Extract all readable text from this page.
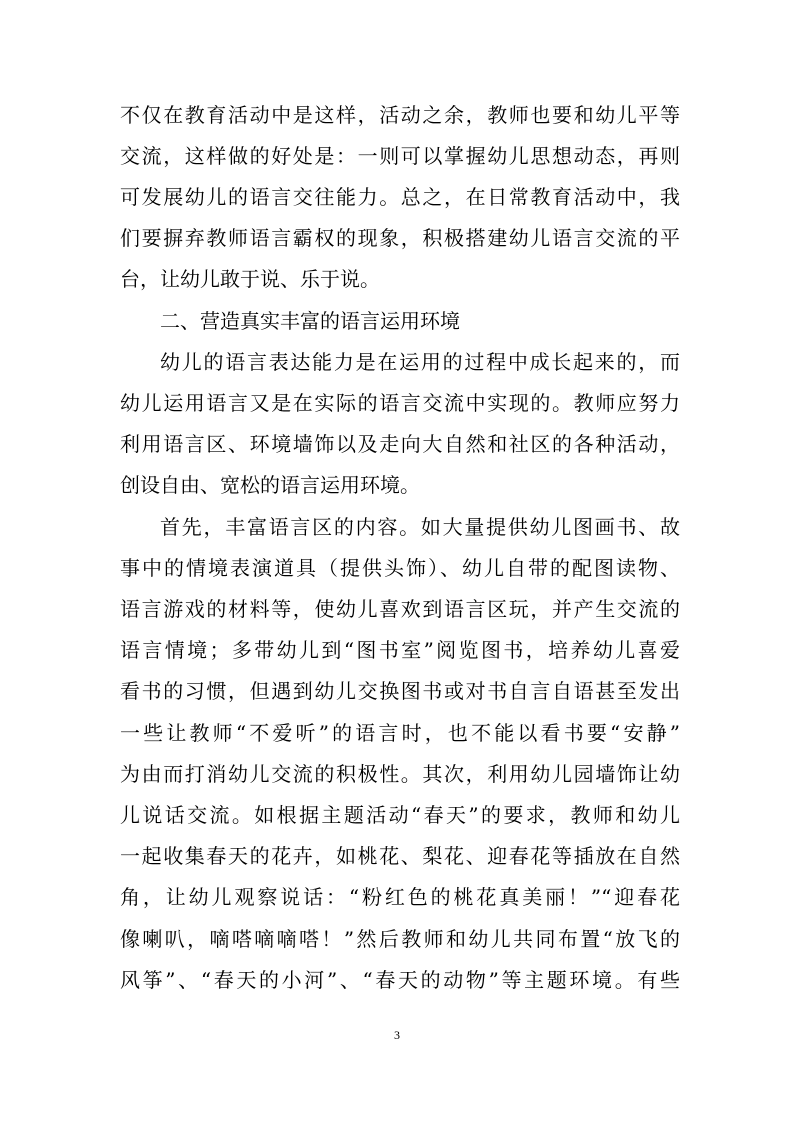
不仅在教育活动中是这样，活动之余，教师也要和幼儿平等
交流，这样做的好处是：一则可以掌握幼儿思想动态，再则
可发展幼儿的语言交往能力。总之，在日常教育活动中，我
们要摒弃教师语言霸权的现象，积极搭建幼儿语言交流的平
台，让幼儿敢于说、乐于说。
二、营造真实丰富的语言运用环境
幼儿的语言表达能力是在运用的过程中成长起来的，而
幼儿运用语言又是在实际的语言交流中实现的。教师应努力
利用语言区、环境墙饰以及走向大自然和社区的各种活动，
创设自由、宽松的语言运用环境。
首先，丰富语言区的内容。如大量提供幼儿图画书、故
事中的情境表演道具（提供头饰）、幼儿自带的配图读物、
语言游戏的材料等，使幼儿喜欢到语言区玩，并产生交流的
语言情境；多带幼儿到“图书室”阅览图书，培养幼儿喜爱
看书的习惯，但遇到幼儿交换图书或对书自言自语甚至发出
一些让教师“不爱听”的语言时，也不能以看书要“安静”
为由而打消幼儿交流的积极性。其次，利用幼儿园墙饰让幼
儿说话交流。如根据主题活动“春天”的要求，教师和幼儿
一起收集春天的花卉，如桃花、梨花、迎春花等插放在自然
角，让幼儿观察说话：“粉红色的桃花真美丽！”“迎春花
像喇叭，嘀嗒嘀嘀嗒！”然后教师和幼儿共同布置“放飞的
风筝”、“春天的小河”、“春天的动物”等主题环境。有些
3
